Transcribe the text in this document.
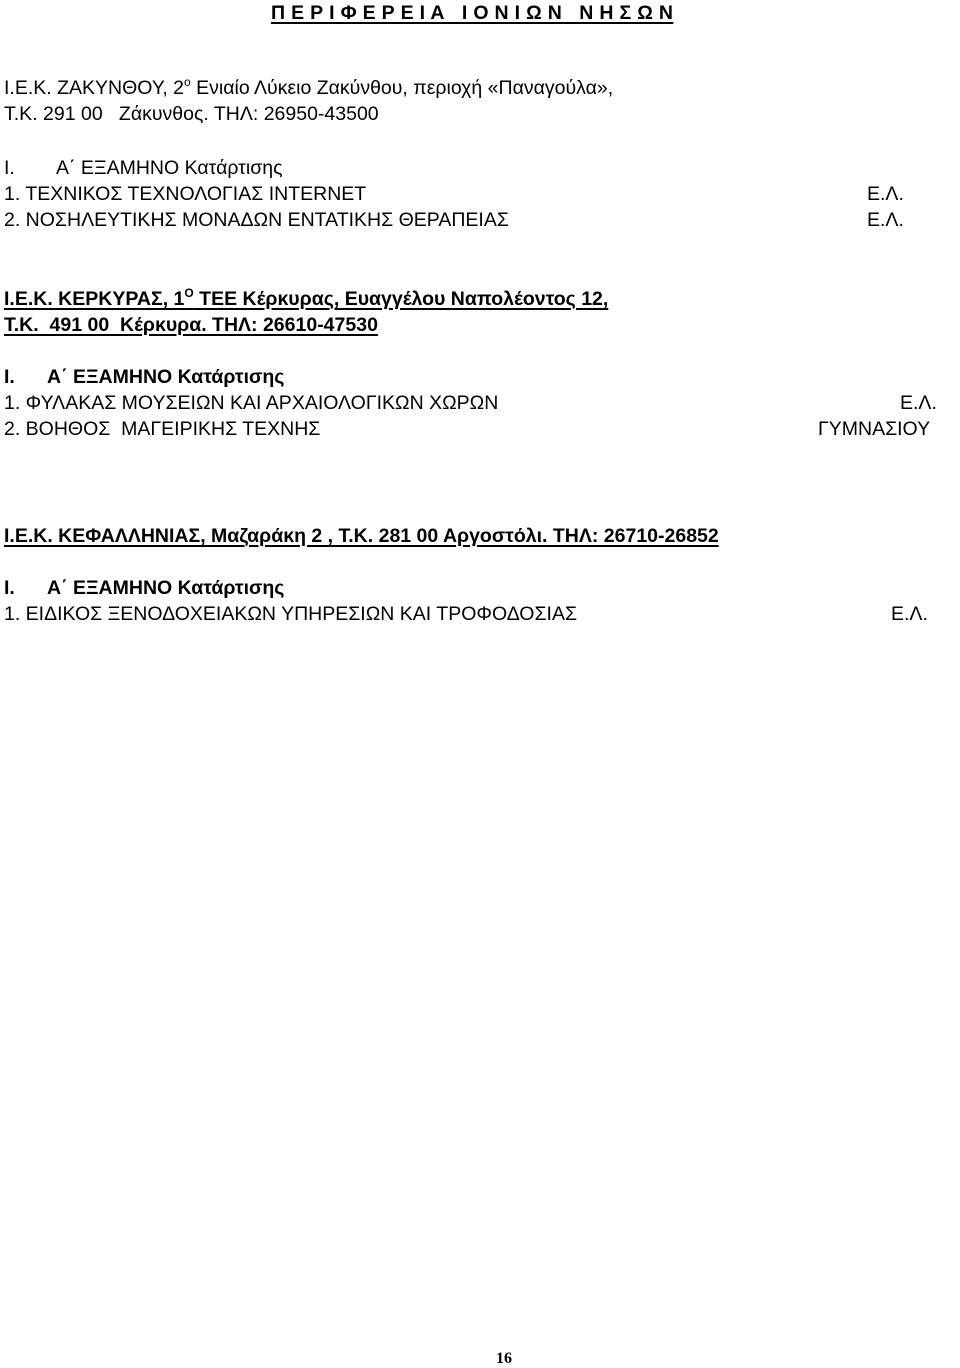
Π Ε Ρ Ι Φ Ε Ρ Ε Ι Α   Ι Ο Ν Ι Ω Ν   Ν Η Σ Ω Ν
Ι.Ε.Κ. ΖΑΚΥΝΘΟΥ, $2^o$ Ενιαίο Λύκειο Ζακύνθου, περιοχή «Παναγούλα»,
Τ.Κ. 291 00   Ζάκυνθος. ΤΗΛ: 26950-43500
Ι. Α΄ ΕΞΑΜΗΝΟ Κατάρτισης
1. ΤΕΧΝΙΚΟΣ ΤΕΧΝΟΛΟΓΙΑΣ INTERNET	Ε.Λ.
2. ΝΟΣΗΛΕΥΤΙΚΗΣ ΜΟΝΑΔΩΝ ΕΝΤΑΤΙΚΗΣ ΘΕΡΑΠΕΙΑΣ	Ε.Λ.
Ι.Ε.Κ. ΚΕΡΚΥΡΑΣ, $1^O$ ΤΕΕ Κέρκυρας, Ευαγγέλου Ναπολέοντος 12,
Τ.Κ.  491 00  Κέρκυρα. ΤΗΛ: 26610-47530
Ι. Α΄ ΕΞΑΜΗΝΟ Κατάρτισης
1. ΦΥΛΑΚΑΣ ΜΟΥΣΕΙΩΝ ΚΑΙ ΑΡΧΑΙΟΛΟΓΙΚΩΝ ΧΩΡΩΝ	Ε.Λ.
2. ΒΟΗΘΟΣ  ΜΑΓΕΙΡΙΚΗΣ ΤΕΧΝΗΣ	ΓΥΜΝΑΣΙΟΥ
Ι.Ε.Κ. ΚΕΦΑΛΛΗΝΙΑΣ, Μαζαράκη 2 , Τ.Κ. 281 00 Αργοστόλι. ΤΗΛ: 26710-26852
Ι. Α΄ ΕΞΑΜΗΝΟ Κατάρτισης
1. ΕΙΔΙΚΟΣ ΞΕΝΟΔΟΧΕΙΑΚΩΝ ΥΠΗΡΕΣΙΩΝ ΚΑΙ ΤΡΟΦΟΔΟΣΙΑΣ	Ε.Λ.
16
